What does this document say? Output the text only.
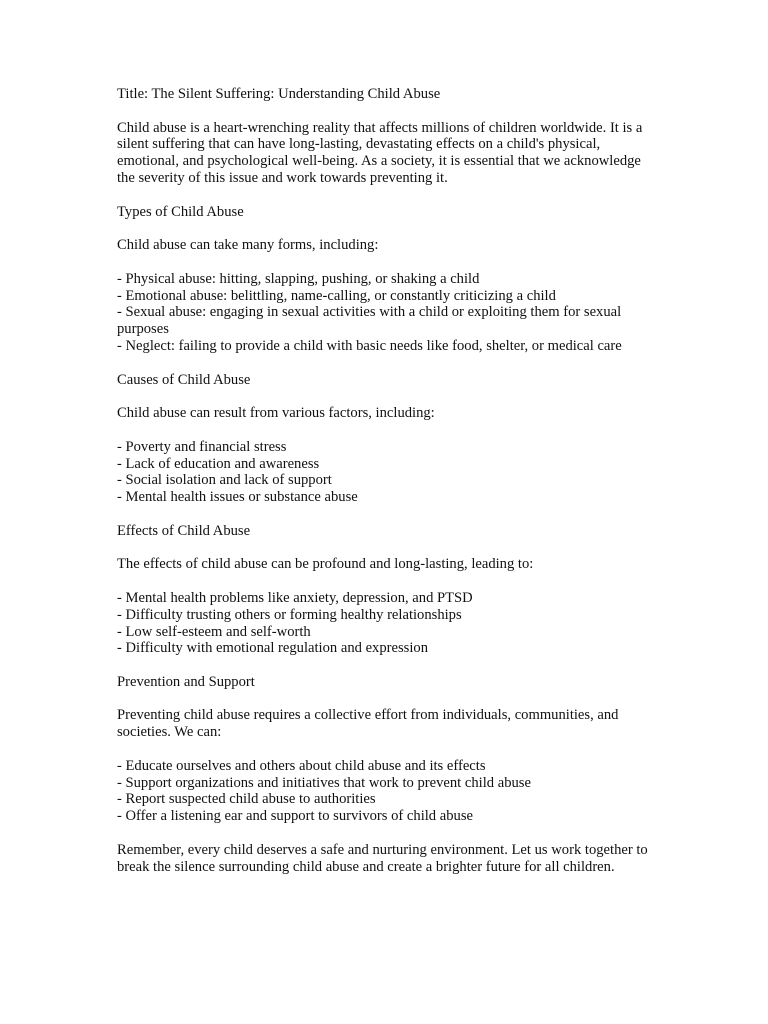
Title: The Silent Suffering: Understanding Child Abuse

Child abuse is a heart-wrenching reality that affects millions of children worldwide. It is a silent suffering that can have long-lasting, devastating effects on a child's physical, emotional, and psychological well-being. As a society, it is essential that we acknowledge the severity of this issue and work towards preventing it.

Types of Child Abuse

Child abuse can take many forms, including:

- Physical abuse: hitting, slapping, pushing, or shaking a child
- Emotional abuse: belittling, name-calling, or constantly criticizing a child
- Sexual abuse: engaging in sexual activities with a child or exploiting them for sexual purposes
- Neglect: failing to provide a child with basic needs like food, shelter, or medical care

Causes of Child Abuse

Child abuse can result from various factors, including:

- Poverty and financial stress
- Lack of education and awareness
- Social isolation and lack of support
- Mental health issues or substance abuse

Effects of Child Abuse

The effects of child abuse can be profound and long-lasting, leading to:

- Mental health problems like anxiety, depression, and PTSD
- Difficulty trusting others or forming healthy relationships
- Low self-esteem and self-worth
- Difficulty with emotional regulation and expression

Prevention and Support

Preventing child abuse requires a collective effort from individuals, communities, and societies. We can:

- Educate ourselves and others about child abuse and its effects
- Support organizations and initiatives that work to prevent child abuse
- Report suspected child abuse to authorities
- Offer a listening ear and support to survivors of child abuse

Remember, every child deserves a safe and nurturing environment. Let us work together to break the silence surrounding child abuse and create a brighter future for all children.
